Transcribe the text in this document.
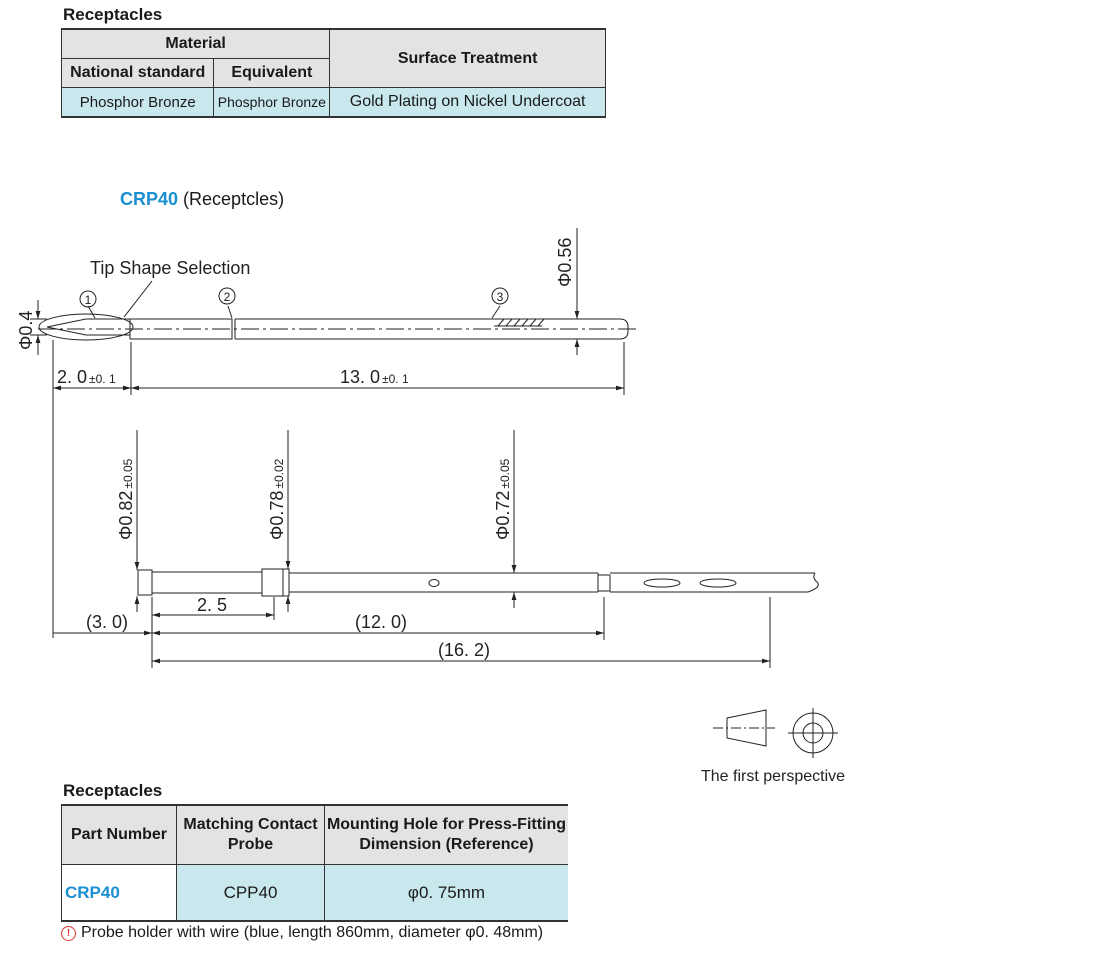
Receptacles
Material		Surface Treatment
National standard	Equivalent	
Phosphor Bronze	Phosphor Bronze	Gold Plating on Nickel Undercoat
CRP40 (Receptcles)
Tip Shape Selection
1	2	3
Φ0.4
Φ0.56
2. 0 ±0. 1	13. 0 ±0. 1
Φ0.82±0.05
Φ0.78±0.02
Φ0.72±0.05
(3. 0)
2. 5
(12. 0)
(16. 2)
The first perspective
Receptacles
Part Number	Matching Contact Probe	Mounting Hole for Press-Fitting Dimension (Reference)
CRP40	CPP40	φ0. 75mm
! Probe holder with wire (blue, length 860mm, diameter φ0. 48mm)
